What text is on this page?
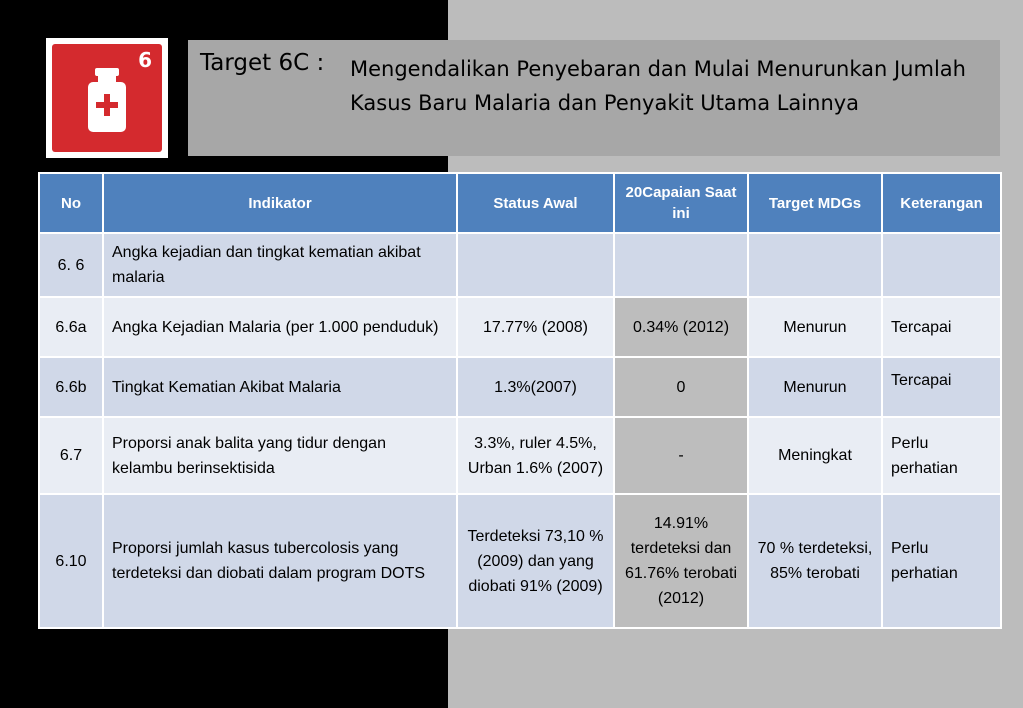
6 Target 6C : Mengendalikan Penyebaran dan Mulai Menurunkan Jumlah Kasus Baru Malaria dan Penyakit Utama Lainnya
No	Indikator	Status Awal	20Capaian Saat ini	Target MDGs	Keterangan
6. 6	Angka kejadian dan tingkat kematian akibat malaria				
6.6a	Angka Kejadian Malaria (per 1.000 penduduk)	17.77% (2008)	0.34% (2012)	Menurun	Tercapai
6.6b	Tingkat Kematian Akibat Malaria	1.3%(2007)	0	Menurun	Tercapai
6.7	Proporsi anak balita yang tidur dengan kelambu berinsektisida	3.3%, ruler 4.5%, Urban 1.6% (2007)	-	Meningkat	Perlu perhatian
6.10	Proporsi jumlah kasus tubercolosis yang terdeteksi dan diobati dalam program DOTS	Terdeteksi 73,10 %(2009) dan yang diobati 91% (2009)	14.91% terdeteksi dan 61.76% terobati (2012)	70 % terdeteksi, 85% terobati	Perlu perhatian
